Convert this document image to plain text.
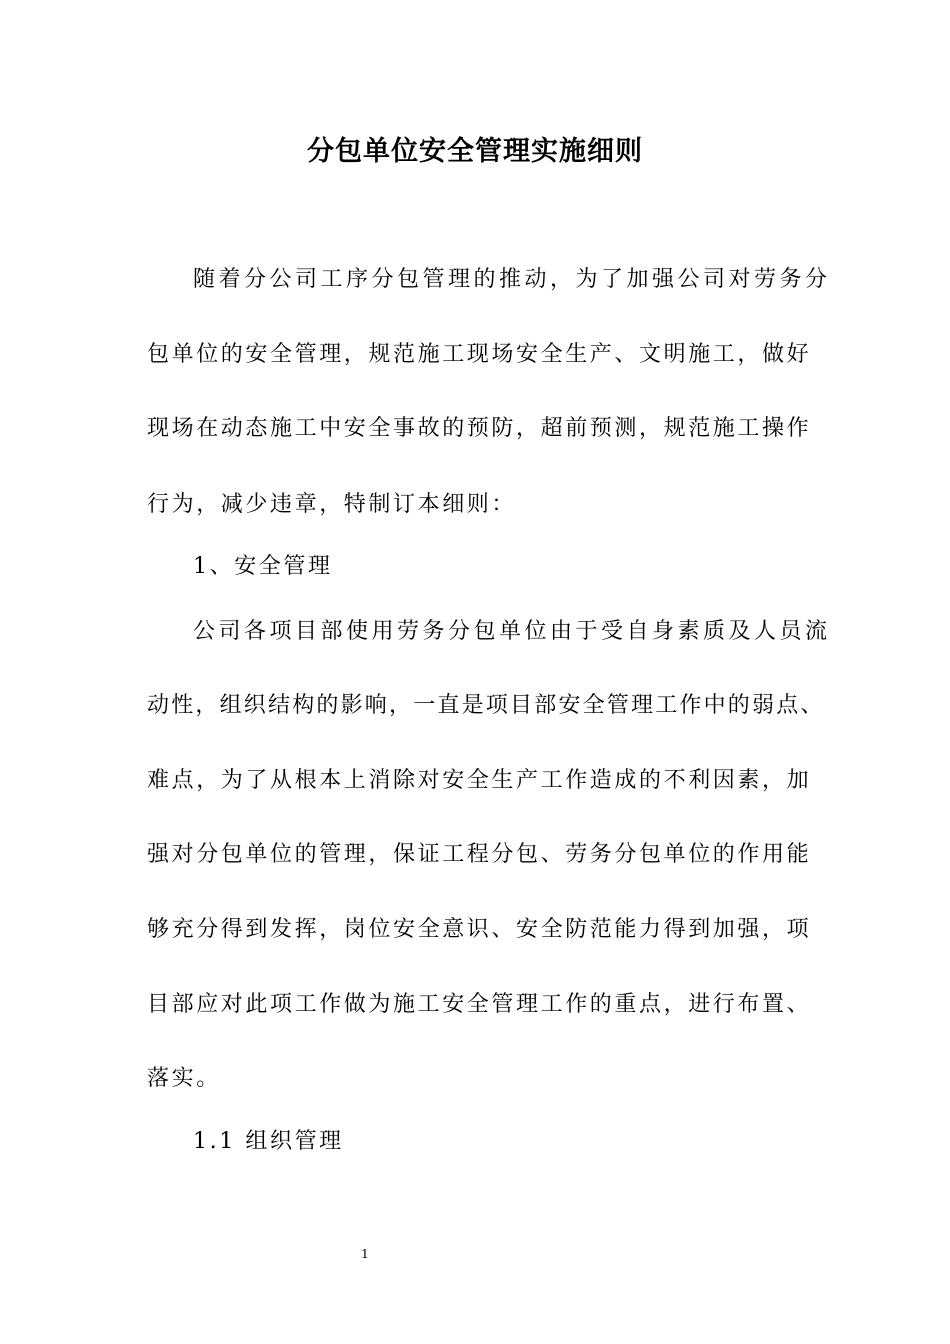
分包单位安全管理实施细则
随着分公司工序分包管理的推动，为了加强公司对劳务分
包单位的安全管理，规范施工现场安全生产、文明施工，做好
现场在动态施工中安全事故的预防，超前预测，规范施工操作
行为，减少违章，特制订本细则：
1、安全管理
公司各项目部使用劳务分包单位由于受自身素质及人员流
动性，组织结构的影响，一直是项目部安全管理工作中的弱点、
难点，为了从根本上消除对安全生产工作造成的不利因素，加
强对分包单位的管理，保证工程分包、劳务分包单位的作用能
够充分得到发挥，岗位安全意识、安全防范能力得到加强，项
目部应对此项工作做为施工安全管理工作的重点，进行布置、
落实。
1.1 组织管理
1
